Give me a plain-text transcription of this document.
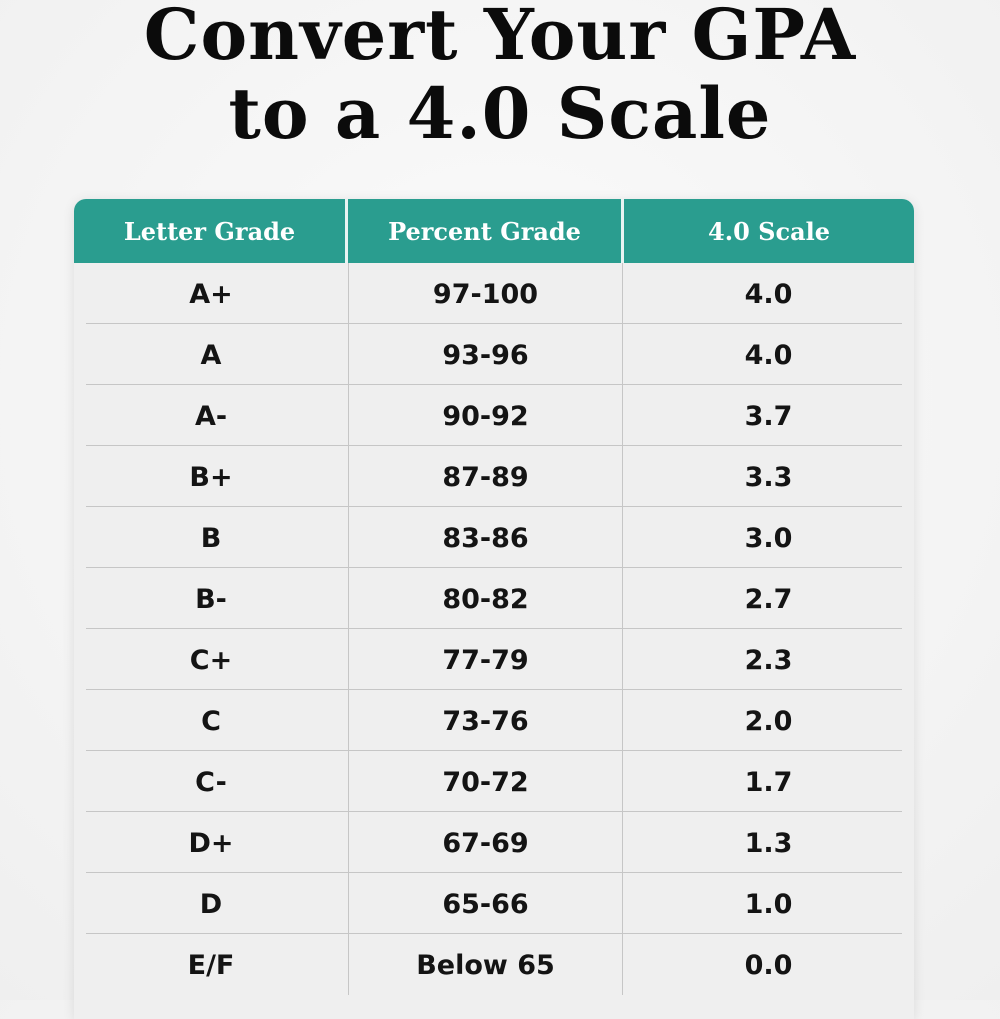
Convert Your GPA
to a 4.0 Scale
Letter Grade	Percent Grade	4.0 Scale
A+	97-100	4.0
A	93-96	4.0
A-	90-92	3.7
B+	87-89	3.3
B	83-86	3.0
B-	80-82	2.7
C+	77-79	2.3
C	73-76	2.0
C-	70-72	1.7
D+	67-69	1.3
D	65-66	1.0
E/F	Below 65	0.0
